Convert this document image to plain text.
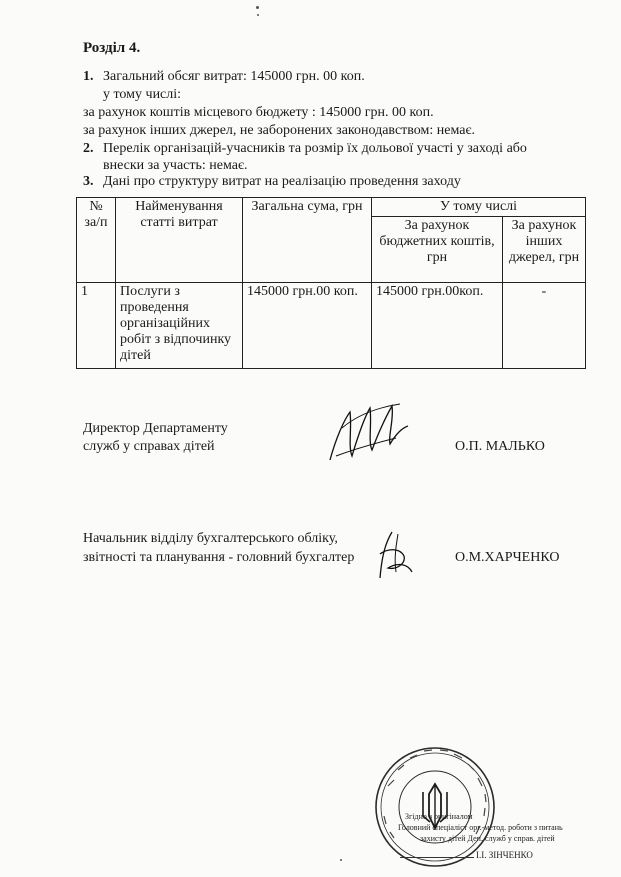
Розділ 4.
1. Загальний обсяг витрат: 145000 грн. 00 коп.
у тому числі:
за рахунок коштів місцевого бюджету : 145000 грн. 00 коп.
за рахунок інших джерел, не заборонених законодавством: немає.
2. Перелік організацій-учасників та розмір їх дольової участі у заході або
внески за участь: немає.
3. Дані про структуру витрат на реалізацію проведення заходу
№ за/п	Найменування статті витрат	Загальна сума, грн	У тому числі	
			За рахунок бюджетних коштів, грн	За рахунок інших джерел, грн
1	Послуги з проведення організаційних робіт з відпочинку дітей	145000 грн.00 коп.	145000 грн.00коп.	-
Директор Департаменту
служб у справах дітей	О.П. МАЛЬКО
Начальник відділу бухгалтерського обліку,
звітності та планування - головний бухгалтер	О.М.ХАРЧЕНКО
Згідно з оригіналом
Головний спеціаліст орг.-метод. роботи з питань
захисту дітей Деп. служб у справ. дітей
І.І. ЗІНЧЕНКО
